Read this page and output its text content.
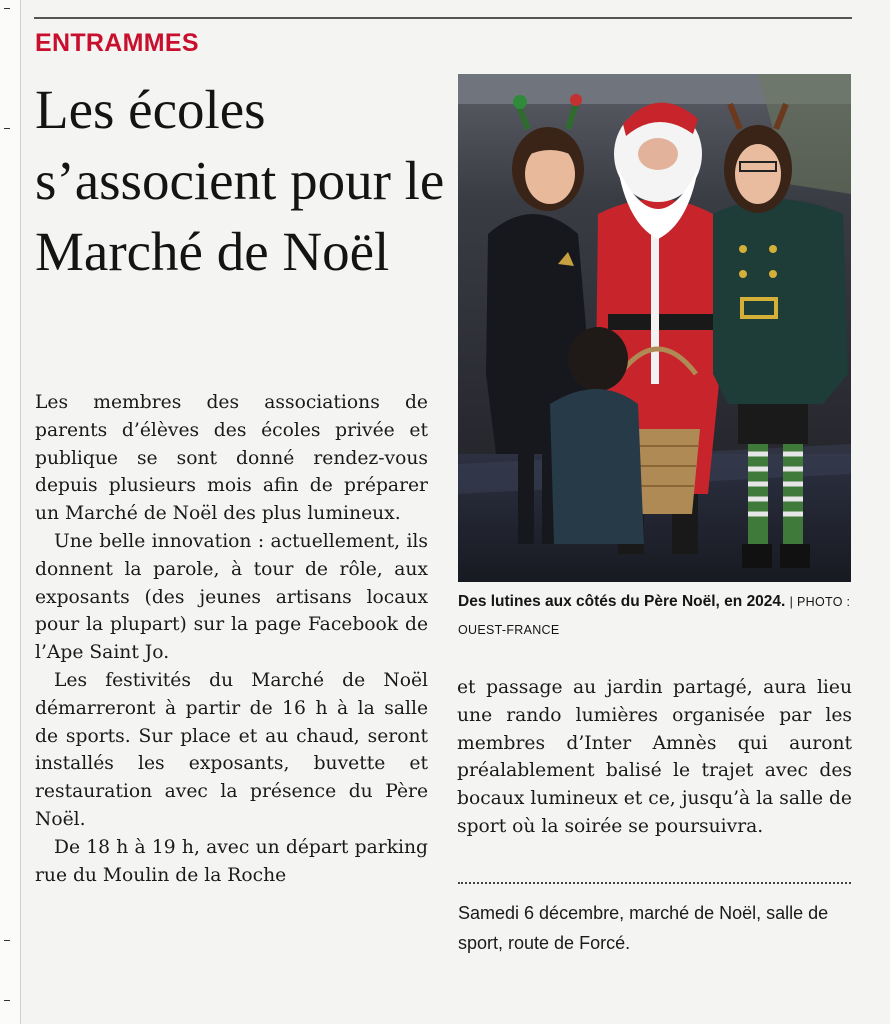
ENTRAMMES
Les écoles s’associent pour le Marché de Noël

Les membres des associations de parents d’élèves des écoles privée et publique se sont donné rendez-vous depuis plusieurs mois afin de préparer un Marché de Noël des plus lumineux.

Une belle innovation : actuellement, ils donnent la parole, à tour de rôle, aux exposants (des jeunes artisans locaux pour la plupart) sur la page Facebook de l’Ape Saint Jo.

Les festivités du Marché de Noël démarreront à partir de 16 h à la salle de sports. Sur place et au chaud, seront installés les exposants, buvette et restauration avec la présence du Père Noël.

De 18 h à 19 h, avec un départ parking rue du Moulin de la Roche

Des lutines aux côtés du Père Noël, en 2024. | PHOTO : OUEST-FRANCE

et passage au jardin partagé, aura lieu une rando lumières organisée par les membres d’Inter Amnès qui auront préalablement balisé le trajet avec des bocaux lumineux et ce, jusqu’à la salle de sport où la soirée se poursuivra.

Samedi 6 décembre, marché de Noël, salle de sport, route de Forcé.
